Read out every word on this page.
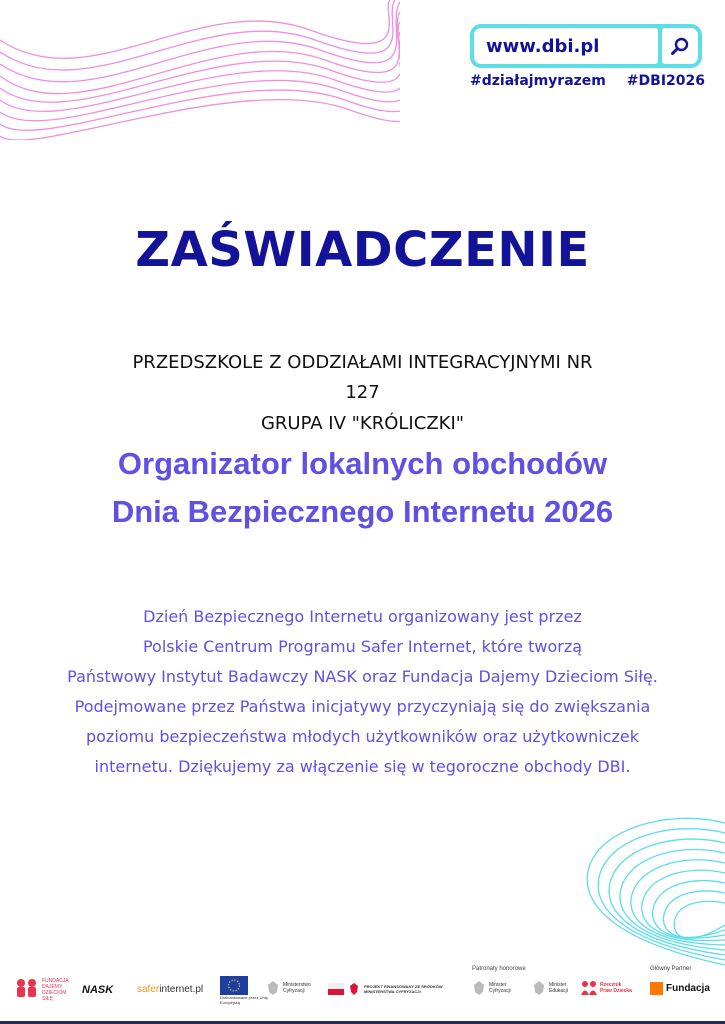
www.dbi.pl
#działajmyrazem #DBI2026
ZAŚWIADCZENIE
PRZEDSZKOLE Z ODDZIAŁAMI INTEGRACYJNYMI NR
127
GRUPA IV "KRÓLICZKI"
Organizator lokalnych obchodów
Dnia Bezpiecznego Internetu 2026
Dzień Bezpiecznego Internetu organizowany jest przez
Polskie Centrum Programu Safer Internet, które tworzą
Państwowy Instytut Badawczy NASK oraz Fundacja Dajemy Dzieciom Siłę.
Podejmowane przez Państwa inicjatywy przyczyniają się do zwiększania
poziomu bezpieczeństwa młodych użytkowników oraz użytkowniczek
internetu. Dziękujemy za włączenie się w tegoroczne obchody DBI.
Patronaty honorowe	Główny Partner
FUNDACJA DAJEMY DZIECIOM SIŁĘ
NASK safer internet.pl
Dofinansowane przez Unię Europejską
Ministerstwo Cyfryzacji
PROJEKT FINANSOWANY ZE ŚRODKÓW MINISTERSTWA CYFRYZACJI
Minister Cyfryzacji
Minister Edukacji
Rzecznik Praw Dziecka	Fundacja
